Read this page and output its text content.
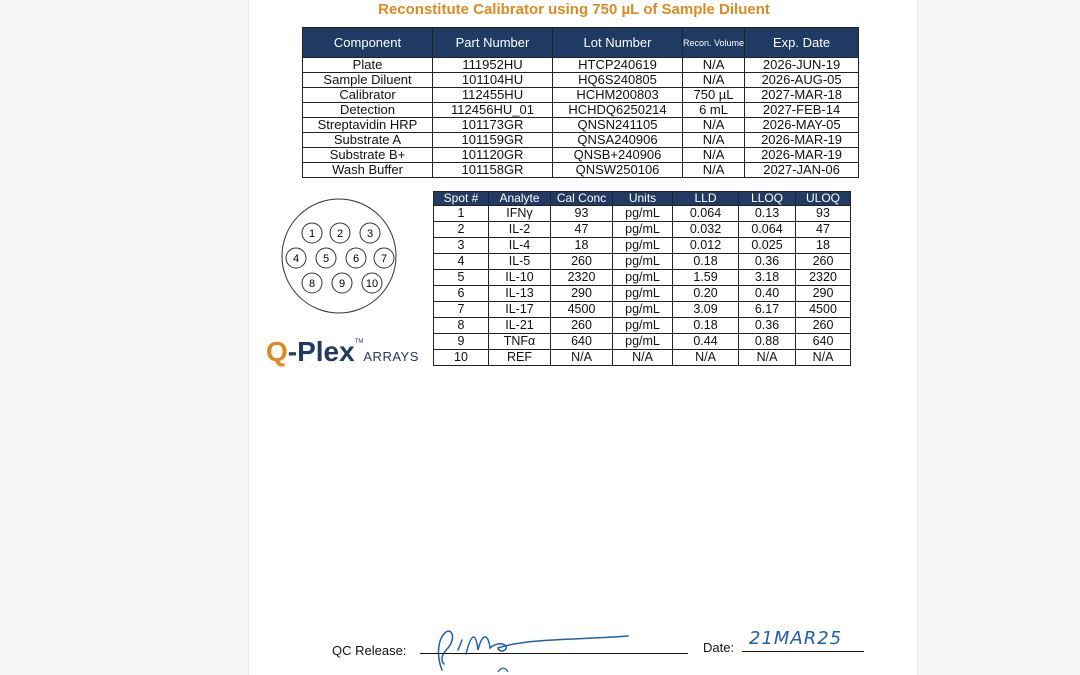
Reconstitute Calibrator using 750 µL of Sample Diluent
Component	Part Number	Lot Number	Recon. Volume	Exp. Date
Plate	111952HU	HTCP240619	N/A	2026-JUN-19
Sample Diluent	101104HU	HQ6S240805	N/A	2026-AUG-05
Calibrator	112455HU	HCHM200803	750 µL	2027-MAR-18
Detection	112456HU_01	HCHDQ6250214	6 mL	2027-FEB-14
Streptavidin HRP	101173GR	QNSN241105	N/A	2026-MAY-05
Substrate A	101159GR	QNSA240906	N/A	2026-MAR-19
Substrate B+	101120GR	QNSB+240906	N/A	2026-MAR-19
Wash Buffer	101158GR	QNSW250106	N/A	2027-JAN-06
1 2 3
4 5 6 7
8 9 10
Q-Plex™ARRAYS
Spot #	Analyte	Cal Conc	Units	LLD	LLOQ	ULOQ
1	IFNγ	93	pg/mL	0.064	0.13	93
2	IL-2	47	pg/mL	0.032	0.064	47
3	IL-4	18	pg/mL	0.012	0.025	18
4	IL-5	260	pg/mL	0.18	0.36	260
5	IL-10	2320	pg/mL	1.59	3.18	2320
6	IL-13	290	pg/mL	0.20	0.40	290
7	IL-17	4500	pg/mL	3.09	6.17	4500
8	IL-21	260	pg/mL	0.18	0.36	260
9	TNFα	640	pg/mL	0.44	0.88	640
10	REF	N/A	N/A	N/A	N/A	N/A
QC Release:	Date: 21MAR25
